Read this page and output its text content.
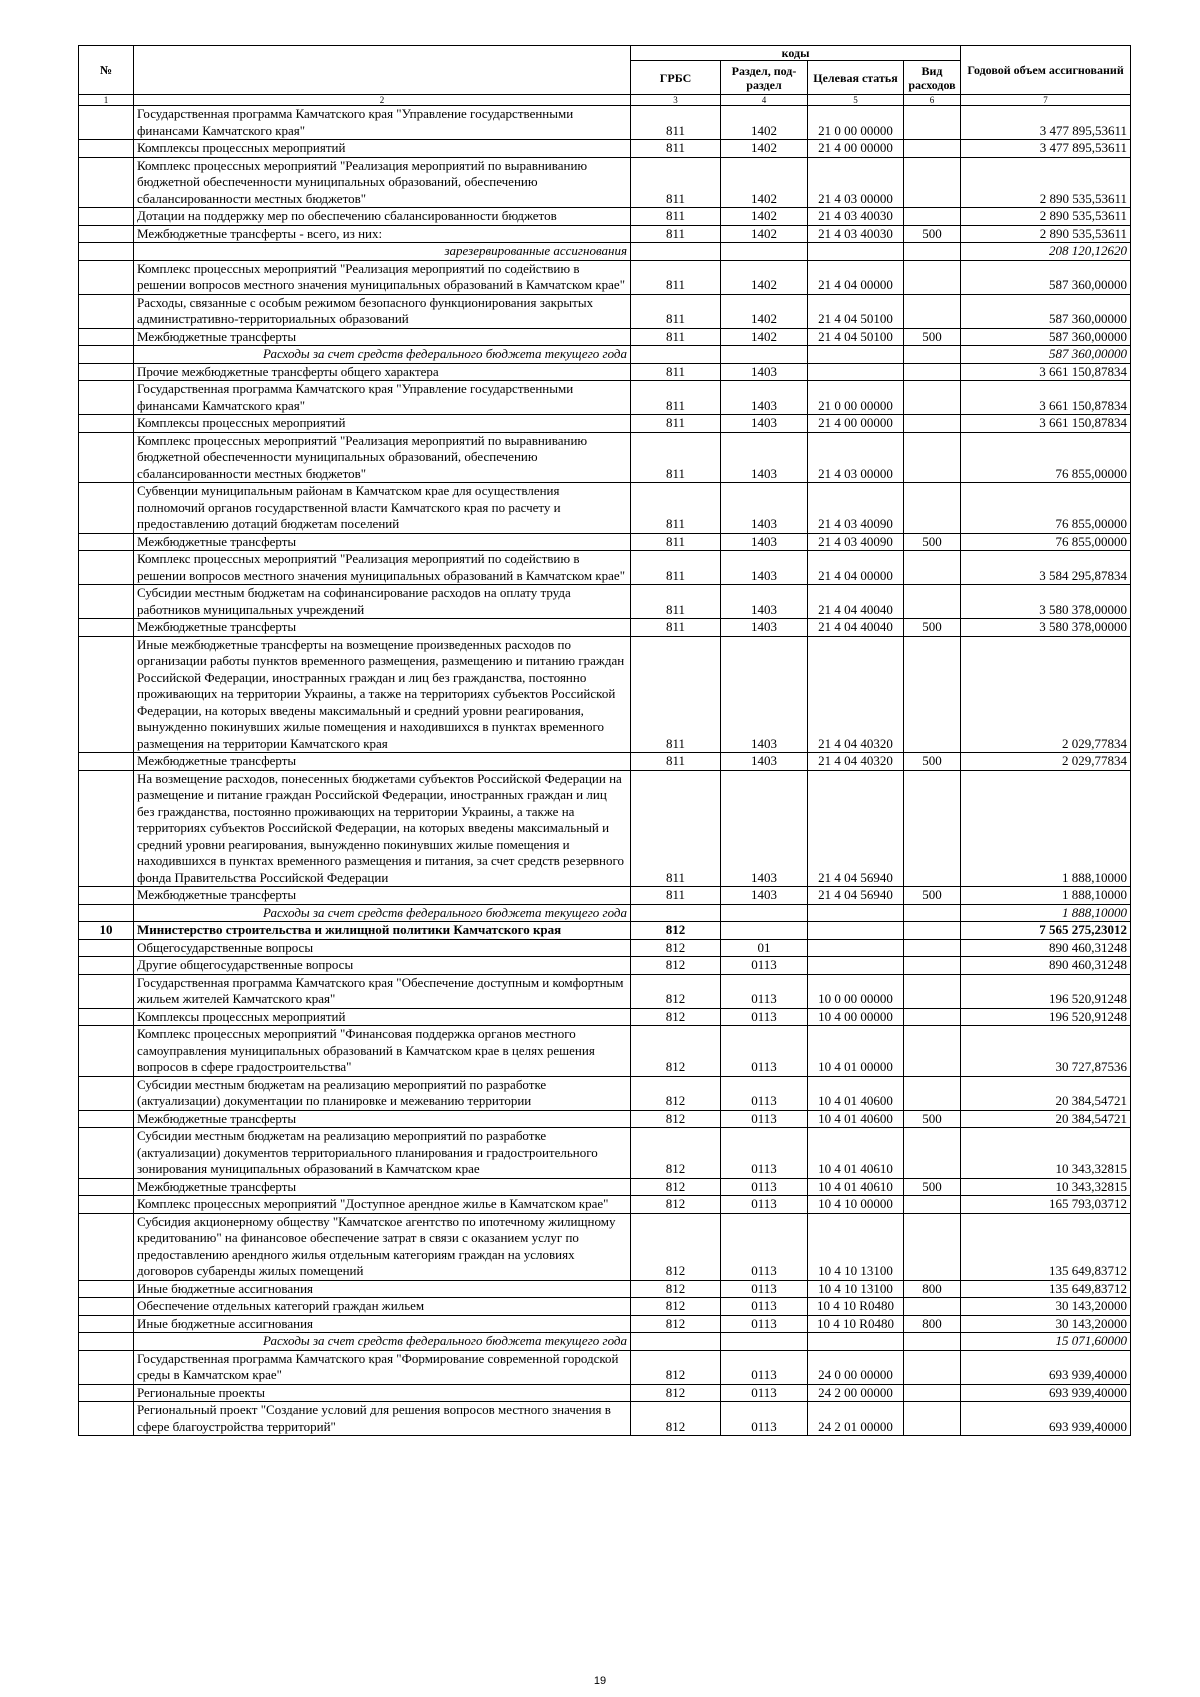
№		коды				Годовой объем ассигнований
		ГРБС	Раздел, под-раздел	Целевая статья	Вид расходов	
1	2	3	4	5	6	7
	Государственная программа Камчатского края "Управление государственными финансами Камчатского края"	811	1402	21 0 00 00000		3 477 895,53611
	Комплексы процессных мероприятий	811	1402	21 4 00 00000		3 477 895,53611
	Комплекс процессных мероприятий "Реализация мероприятий по выравниванию бюджетной обеспеченности муниципальных образований, обеспечению сбалансированности местных бюджетов"	811	1402	21 4 03 00000		2 890 535,53611
	Дотации на поддержку мер по обеспечению сбалансированности бюджетов	811	1402	21 4 03 40030		2 890 535,53611
	Межбюджетные трансферты - всего, из них:	811	1402	21 4 03 40030	500	2 890 535,53611
	зарезервированные ассигнования					208 120,12620
	Комплекс процессных мероприятий "Реализация мероприятий по содействию в решении вопросов местного значения муниципальных образований в Камчатском крае"	811	1402	21 4 04 00000		587 360,00000
	Расходы, связанные с особым режимом безопасного функционирования закрытых административно-территориальных образований	811	1402	21 4 04 50100		587 360,00000
	Межбюджетные трансферты	811	1402	21 4 04 50100	500	587 360,00000
	Расходы за счет средств федерального бюджета текущего года					587 360,00000
	Прочие межбюджетные трансферты общего характера	811	1403			3 661 150,87834
	Государственная программа Камчатского края "Управление государственными финансами Камчатского края"	811	1403	21 0 00 00000		3 661 150,87834
	Комплексы процессных мероприятий	811	1403	21 4 00 00000		3 661 150,87834
	Комплекс процессных мероприятий "Реализация мероприятий по выравниванию бюджетной обеспеченности муниципальных образований, обеспечению сбалансированности местных бюджетов"	811	1403	21 4 03 00000		76 855,00000
	Субвенции муниципальным районам в Камчатском крае для осуществления полномочий органов государственной власти Камчатского края по расчету и предоставлению дотаций бюджетам поселений	811	1403	21 4 03 40090		76 855,00000
	Межбюджетные трансферты	811	1403	21 4 03 40090	500	76 855,00000
	Комплекс процессных мероприятий "Реализация мероприятий по содействию в решении вопросов местного значения муниципальных образований в Камчатском крае"	811	1403	21 4 04 00000		3 584 295,87834
	Субсидии местным бюджетам на софинансирование расходов на оплату труда работников муниципальных учреждений	811	1403	21 4 04 40040		3 580 378,00000
	Межбюджетные трансферты	811	1403	21 4 04 40040	500	3 580 378,00000
	Иные межбюджетные трансферты на возмещение произведенных расходов по организации работы пунктов временного размещения, размещению и питанию граждан Российской Федерации, иностранных граждан и лиц без гражданства, постоянно проживающих на территории Украины, а также на территориях субъектов Российской Федерации, на которых введены максимальный и средний уровни реагирования, вынужденно покинувших жилые помещения и находившихся в пунктах временного размещения на территории Камчатского края	811	1403	21 4 04 40320		2 029,77834
	Межбюджетные трансферты	811	1403	21 4 04 40320	500	2 029,77834
	На возмещение расходов, понесенных бюджетами субъектов Российской Федерации на размещение и питание граждан Российской Федерации, иностранных граждан и лиц без гражданства, постоянно проживающих на территории Украины, а также на территориях субъектов Российской Федерации, на которых введены максимальный и средний уровни реагирования, вынужденно покинувших жилые помещения и находившихся в пунктах временного размещения и питания, за счет средств резервного фонда Правительства Российской Федерации	811	1403	21 4 04 56940		1 888,10000
	Межбюджетные трансферты	811	1403	21 4 04 56940	500	1 888,10000
	Расходы за счет средств федерального бюджета текущего года					1 888,10000
10	Министерство строительства и жилищной политики Камчатского края	812				7 565 275,23012
	Общегосударственные вопросы	812	01			890 460,31248
	Другие общегосударственные вопросы	812	0113			890 460,31248
	Государственная программа Камчатского края "Обеспечение доступным и комфортным жильем жителей Камчатского края"	812	0113	10 0 00 00000		196 520,91248
	Комплексы процессных мероприятий	812	0113	10 4 00 00000		196 520,91248
	Комплекс процессных мероприятий "Финансовая поддержка органов местного самоуправления муниципальных образований в Камчатском крае в целях решения вопросов в сфере градостроительства"	812	0113	10 4 01 00000		30 727,87536
	Субсидии местным бюджетам на реализацию мероприятий по разработке (актуализации) документации по планировке и межеванию территории	812	0113	10 4 01 40600		20 384,54721
	Межбюджетные трансферты	812	0113	10 4 01 40600	500	20 384,54721
	Субсидии местным бюджетам на реализацию мероприятий по разработке (актуализации) документов территориального планирования и градостроительного зонирования муниципальных образований в Камчатском крае	812	0113	10 4 01 40610		10 343,32815
	Межбюджетные трансферты	812	0113	10 4 01 40610	500	10 343,32815
	Комплекс процессных мероприятий "Доступное арендное жилье в Камчатском крае"	812	0113	10 4 10 00000		165 793,03712
	Субсидия акционерному обществу "Камчатское агентство по ипотечному жилищному кредитованию" на финансовое обеспечение затрат в связи с оказанием услуг по предоставлению арендного жилья отдельным категориям граждан на условиях договоров субаренды жилых помещений	812	0113	10 4 10 13100		135 649,83712
	Иные бюджетные ассигнования	812	0113	10 4 10 13100	800	135 649,83712
	Обеспечение отдельных категорий граждан жильем	812	0113	10 4 10 R0480		30 143,20000
	Иные бюджетные ассигнования	812	0113	10 4 10 R0480	800	30 143,20000
	Расходы за счет средств федерального бюджета текущего года					15 071,60000
	Государственная программа Камчатского края "Формирование современной городской среды в Камчатском крае"	812	0113	24 0 00 00000		693 939,40000
	Региональные проекты	812	0113	24 2 00 00000		693 939,40000
	Региональный проект "Создание условий для решения вопросов местного значения в сфере благоустройства территорий"	812	0113	24 2 01 00000		693 939,40000
19
